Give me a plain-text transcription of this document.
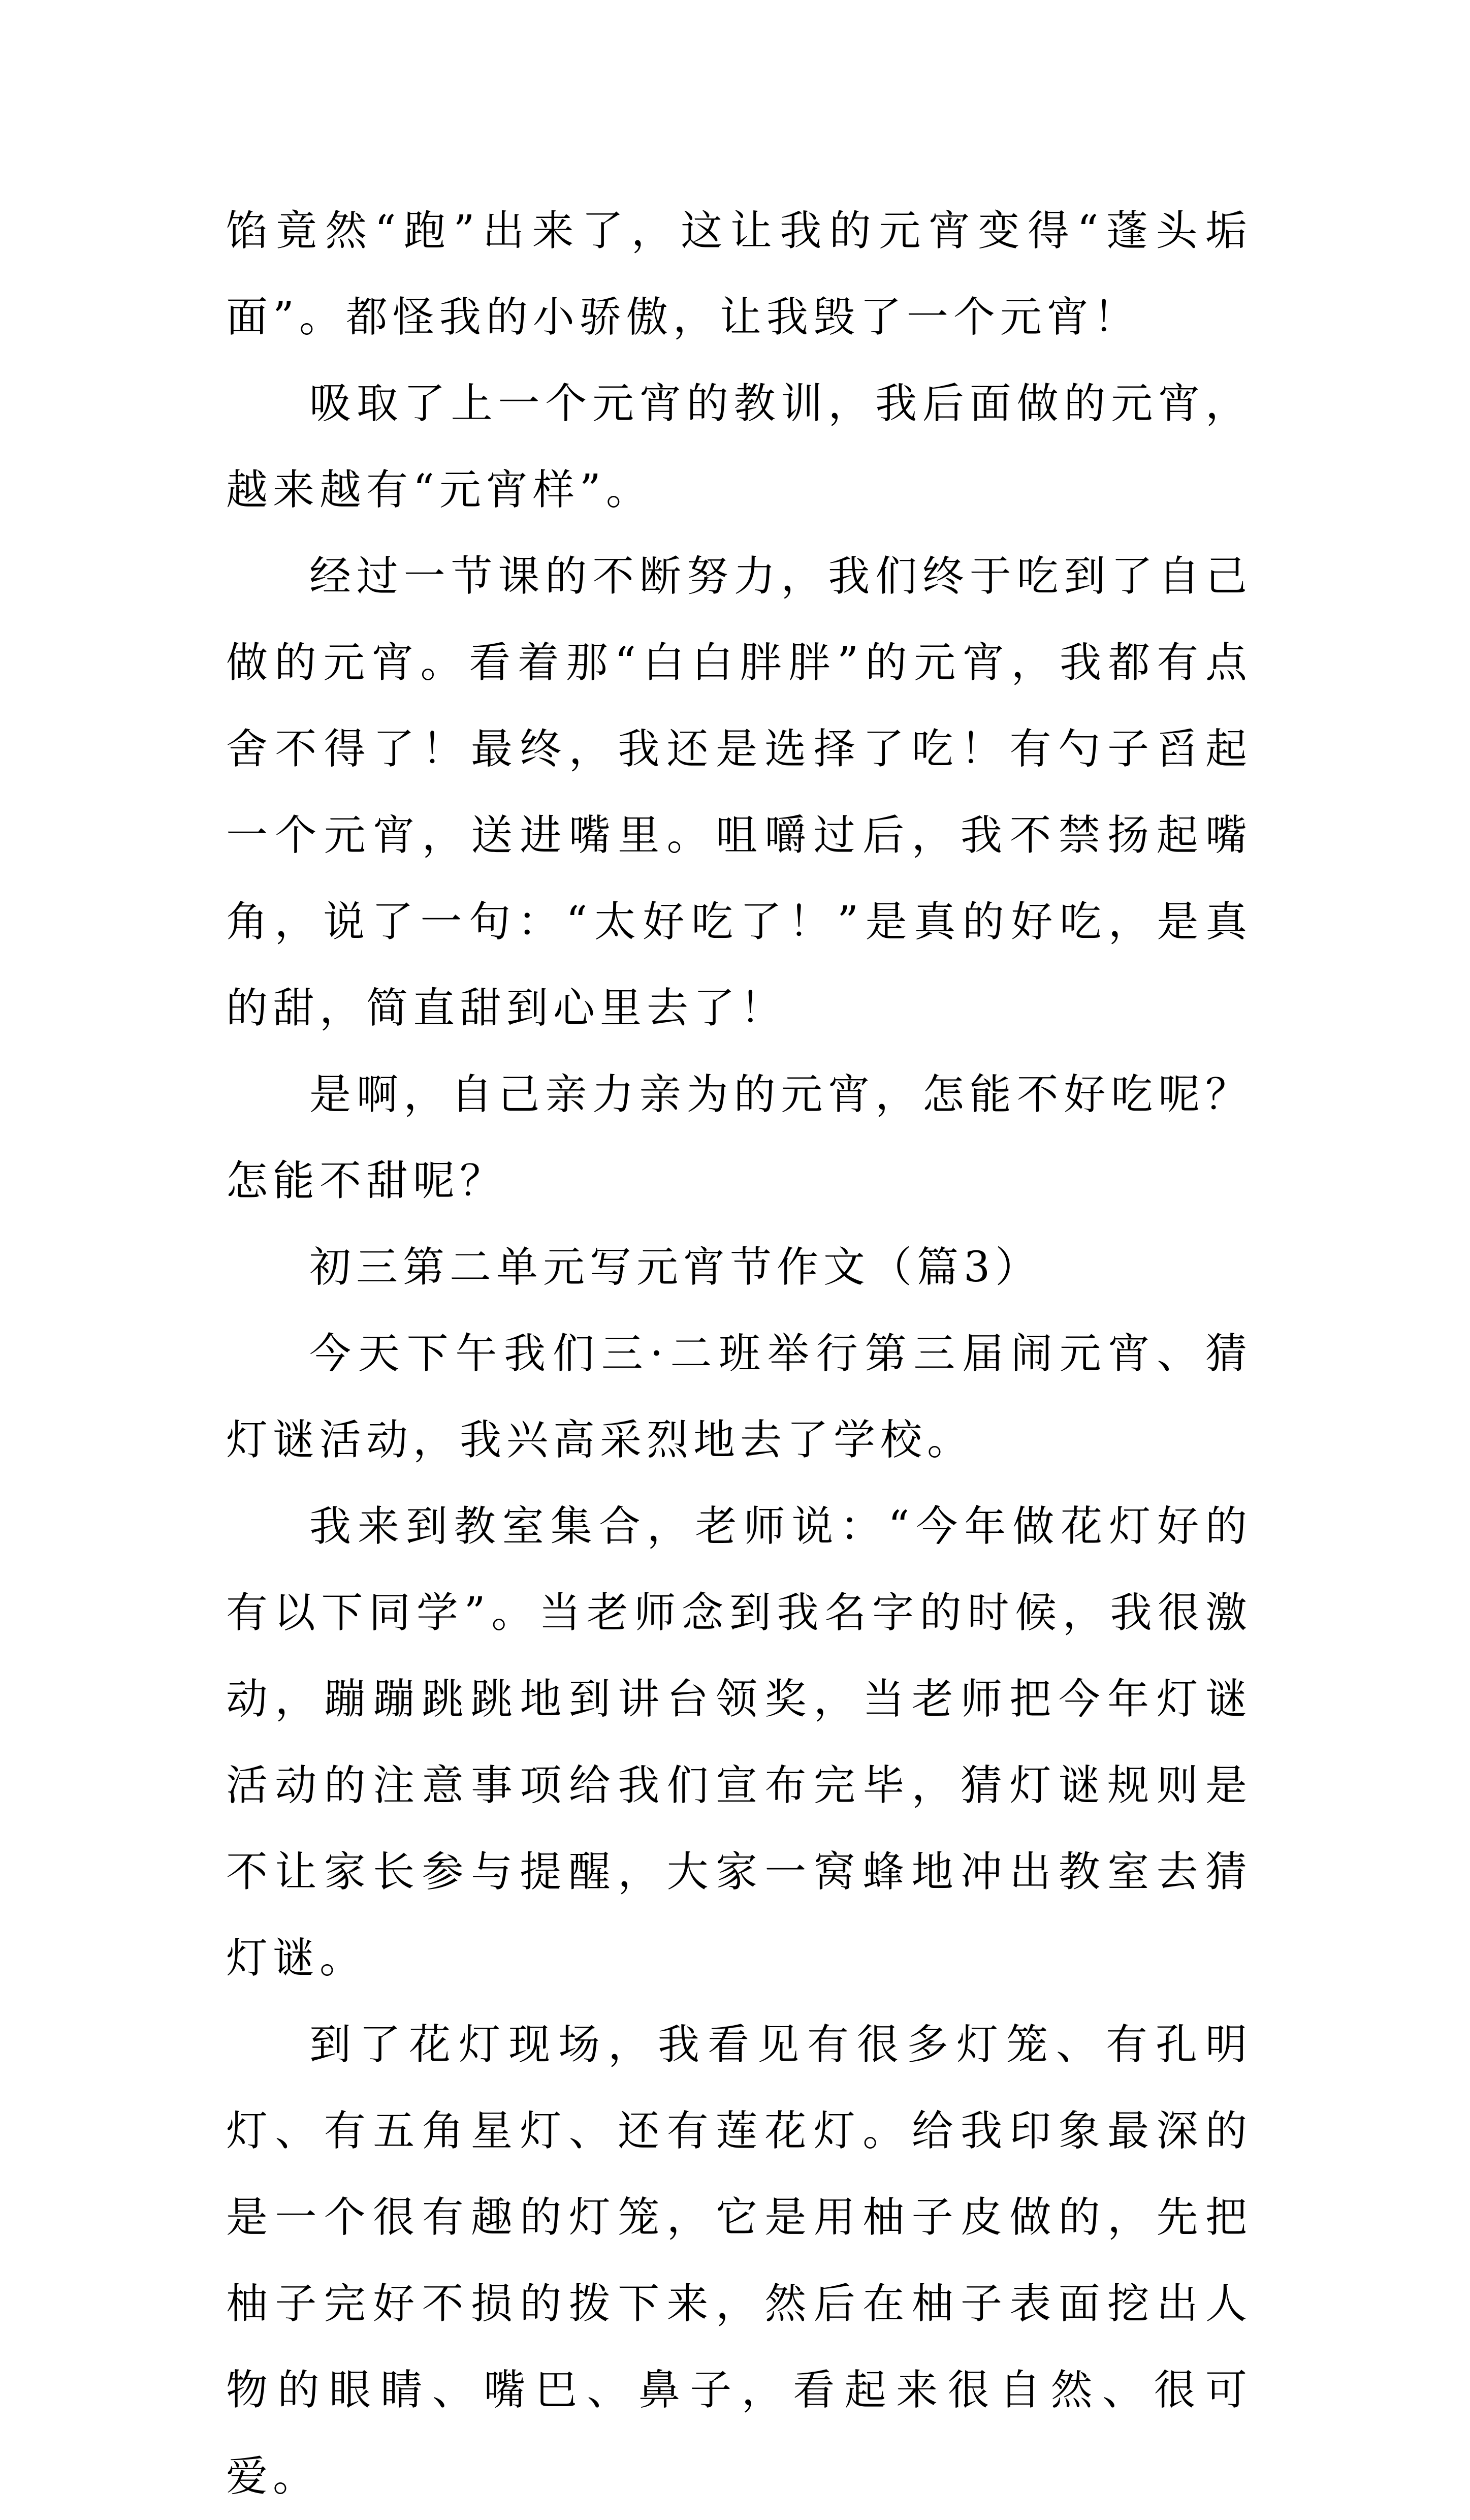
馅竟然“跑”出来了，这让我的元宵变得“蓬头垢面”。都怪我的小骄傲，让我毁了一个元宵！

吸取了上一个元宵的教训，我后面做的元宵，越来越有“元宵样”。

经过一节课的不断努力，我们终于吃到了自己做的元宵。看着那“白白胖胖”的元宵，我都有点舍不得了！最终，我还是选择了吃！有勺子舀起一个元宵，送进嘴里。咀嚼过后，我不禁扬起嘴角，说了一句：“太好吃了！”是真的好吃，是真的甜，简直甜到心里去了！

是啊，自己亲力亲为的元宵，怎能不好吃呢？怎能不甜呢？

初三第二单元写元宵节作文（篇3）

今天下午我们三·二班举行第三届闹元宵、猜灯谜活动，我兴高采烈地去了学校。

我来到教室集合，老师说：“今年做花灯好的有以下同学”。当老师念到我名字的时候，我很激动，蹦蹦跳跳地到讲台领奖，当老师把今年灯谜活动的注意事项给我们宣布完毕，猜灯谜规则是不让家长参与提醒，大家一窝蜂地冲出教室去猜灯谜。

到了花灯现场，我看见有很多灯笼、有孔明灯、有五角星灯、还有莲花灯。给我印象最深的是一个很有趣的灯笼，它是用柚子皮做的，先把柚子完好不损的拨下来，然后在柚子表面挖出人物的眼睛、嘴巴、鼻子，看起来很自然、很可爱。
